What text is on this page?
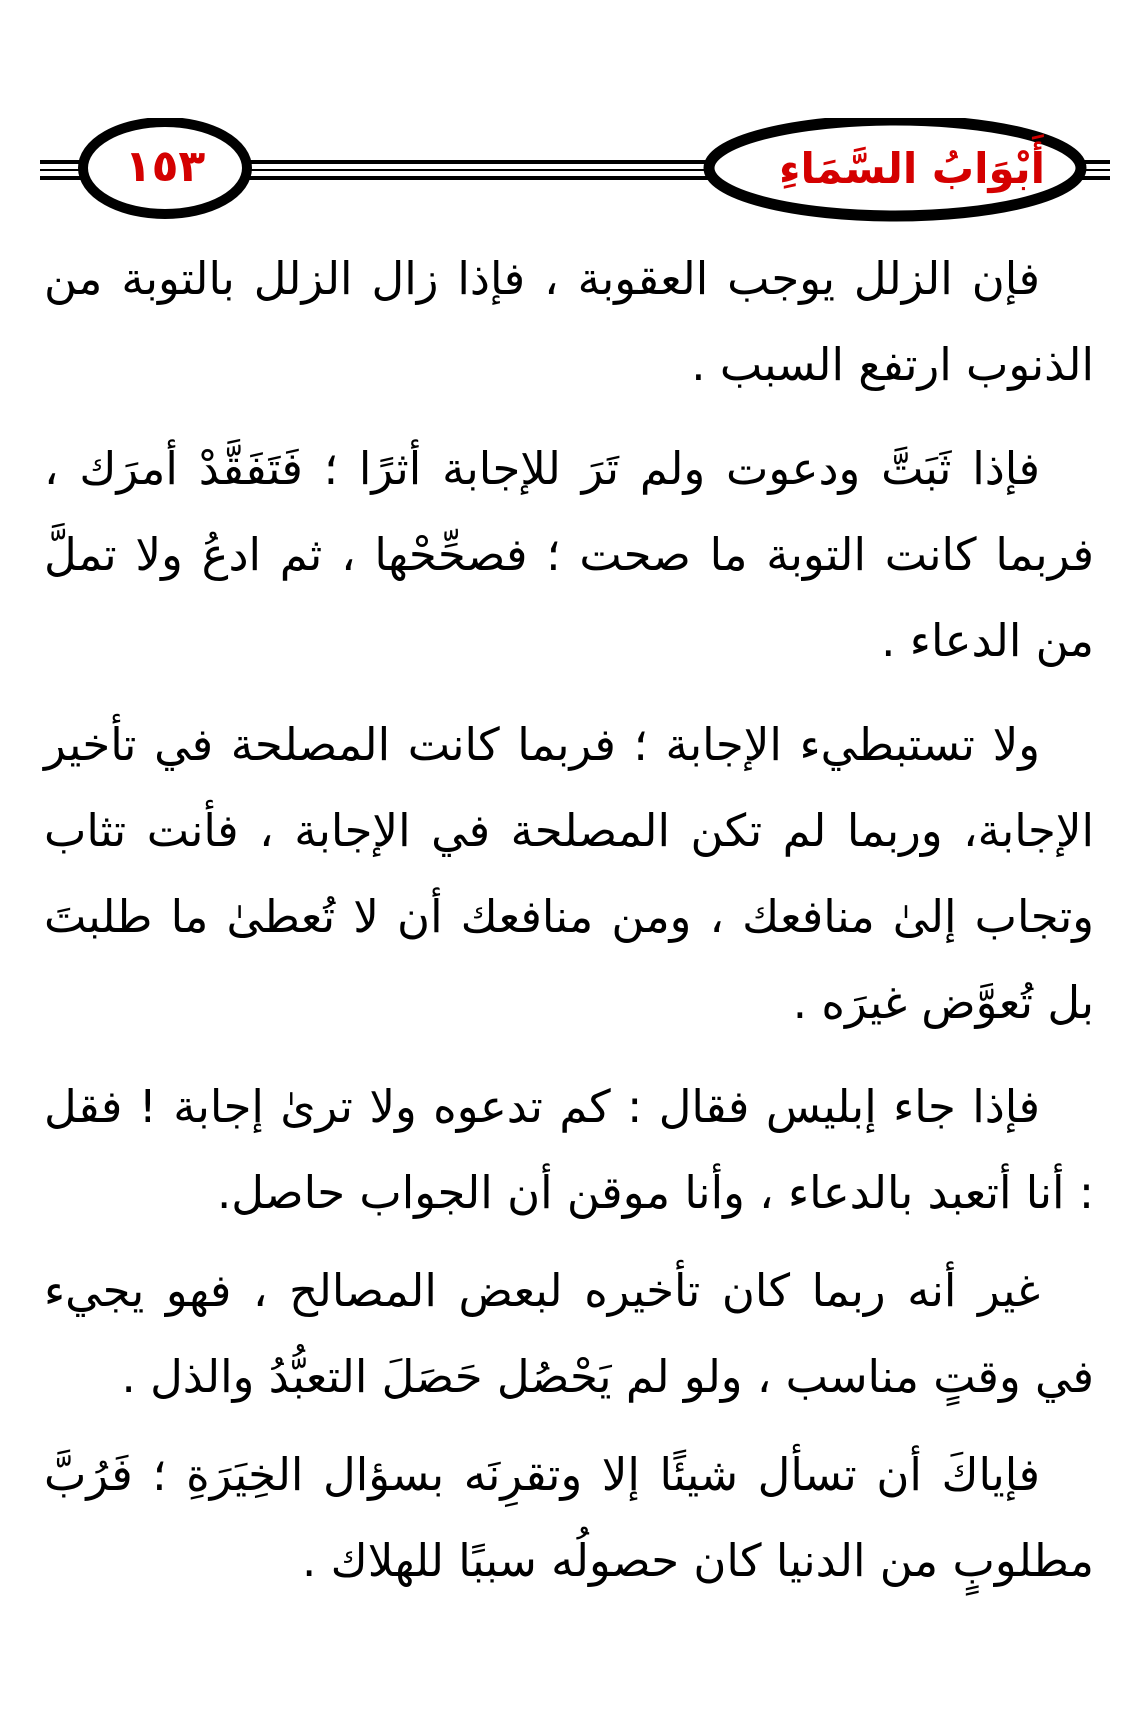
١٥٣	أَبْوَابُ السَّمَاءِ

فإن الزلل يوجب العقوبة ، فإذا زال الزلل بالتوبة من الذنوب ارتفع السبب .

فإذا ثَبَتَّ ودعوت ولم تَرَ للإجابة أثرًا ؛ فَتَفَقَّدْ أمرَك ، فربما كانت التوبة ما صحت ؛ فصحِّحْها ، ثم ادعُ ولا تملَّ من الدعاء .

ولا تستبطيء الإجابة ؛ فربما كانت المصلحة في تأخير الإجابة، وربما لم تكن المصلحة في الإجابة ، فأنت تثاب وتجاب إلىٰ منافعك ، ومن منافعك أن لا تُعطىٰ ما طلبتَ بل تُعوَّض غيرَه .

فإذا جاء إبليس فقال : كم تدعوه ولا ترىٰ إجابة ! فقل : أنا أتعبد بالدعاء ، وأنا موقن أن الجواب حاصل.

غير أنه ربما كان تأخيره لبعض المصالح ، فهو يجيء في وقتٍ مناسب ، ولو لم يَحْصُل حَصَلَ التعبُّدُ والذل .

فإياكَ أن تسأل شيئًا إلا وتقرِنَه بسؤال الخِيَرَةِ ؛ فَرُبَّ مطلوبٍ من الدنيا كان حصولُه سببًا للهلاك .
